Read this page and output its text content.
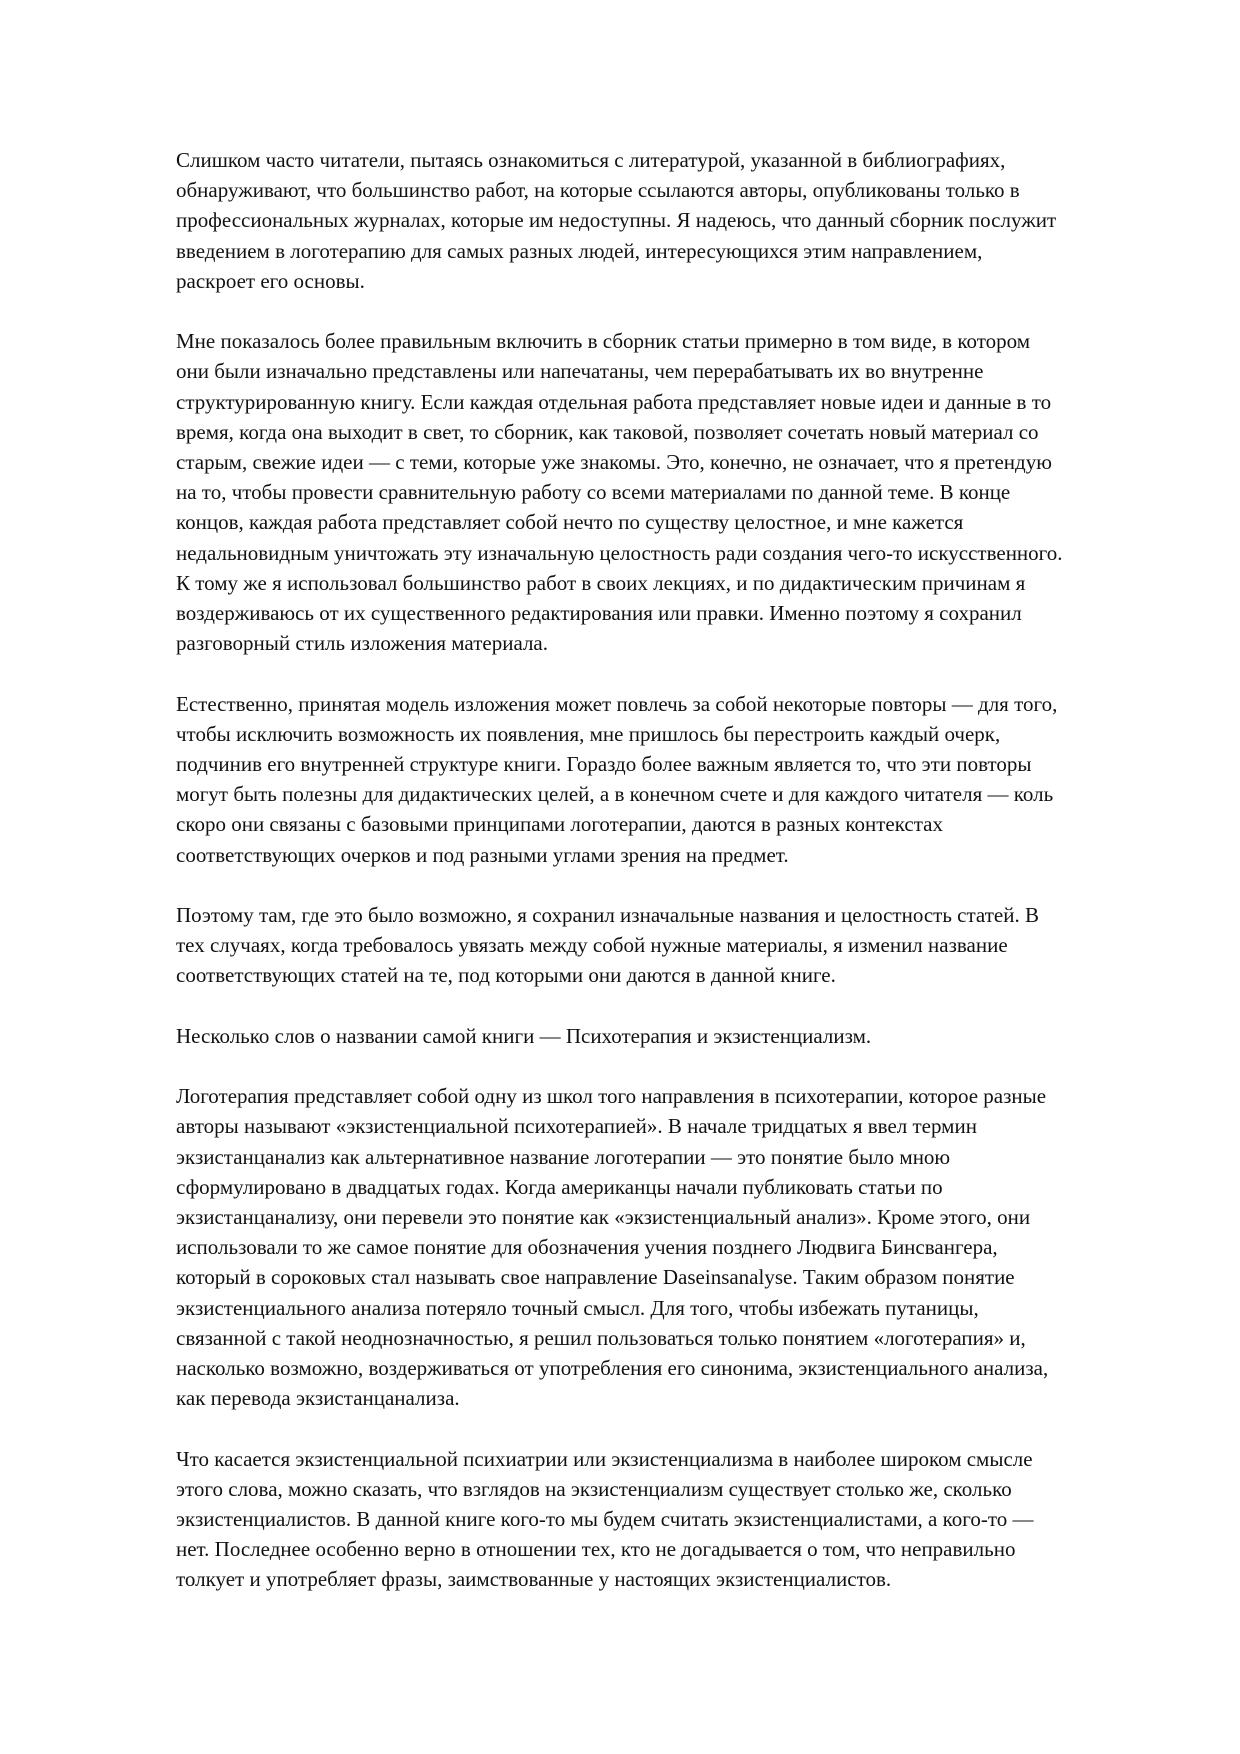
Слишком часто читатели, пытаясь ознакомиться с литературой, указанной в библиографиях,
обнаруживают, что большинство работ, на которые ссылаются авторы, опубликованы только в
профессиональных журналах, которые им недоступны. Я надеюсь, что данный сборник послужит
введением в логотерапию для самых разных людей, интересующихся этим направлением,
раскроет его основы.

Мне показалось более правильным включить в сборник статьи примерно в том виде, в котором
они были изначально представлены или напечатаны, чем перерабатывать их во внутренне
структурированную книгу. Если каждая отдельная работа представляет новые идеи и данные в то
время, когда она выходит в свет, то сборник, как таковой, позволяет сочетать новый материал со
старым, свежие идеи — с теми, которые уже знакомы. Это, конечно, не означает, что я претендую
на то, чтобы провести сравнительную работу со всеми материалами по данной теме. В конце
концов, каждая работа представляет собой нечто по существу целостное, и мне кажется
недальновидным уничтожать эту изначальную целостность ради создания чего-то искусственного.
К тому же я использовал большинство работ в своих лекциях, и по дидактическим причинам я
воздерживаюсь от их существенного редактирования или правки. Именно поэтому я сохранил
разговорный стиль изложения материала.

Естественно, принятая модель изложения может повлечь за собой некоторые повторы — для того,
чтобы исключить возможность их появления, мне пришлось бы перестроить каждый очерк,
подчинив его внутренней структуре книги. Гораздо более важным является то, что эти повторы
могут быть полезны для дидактических целей, а в конечном счете и для каждого читателя — коль
скоро они связаны с базовыми принципами логотерапии, даются в разных контекстах
соответствующих очерков и под разными углами зрения на предмет.

Поэтому там, где это было возможно, я сохранил изначальные названия и целостность статей. В
тех случаях, когда требовалось увязать между собой нужные материалы, я изменил название
соответствующих статей на те, под которыми они даются в данной книге.

Несколько слов о названии самой книги — Психотерапия и экзистенциализм.

Логотерапия представляет собой одну из школ того направления в психотерапии, которое разные
авторы называют «экзистенциальной психотерапией». В начале тридцатых я ввел термин
экзистанцанализ как альтернативное название логотерапии — это понятие было мною
сформулировано в двадцатых годах. Когда американцы начали публиковать статьи по
экзистанцанализу, они перевели это понятие как «экзистенциальный анализ». Кроме этого, они
использовали то же самое понятие для обозначения учения позднего Людвига Бинсвангера,
который в сороковых стал называть свое направление Daseinsanalyse. Таким образом понятие
экзистенциального анализа потеряло точный смысл. Для того, чтобы избежать путаницы,
связанной с такой неоднозначностью, я решил пользоваться только понятием «логотерапия» и,
насколько возможно, воздерживаться от употребления его синонима, экзистенциального анализа,
как перевода экзистанцанализа.

Что касается экзистенциальной психиатрии или экзистенциализма в наиболее широком смысле
этого слова, можно сказать, что взглядов на экзистенциализм существует столько же, сколько
экзистенциалистов. В данной книге кого-то мы будем считать экзистенциалистами, а кого-то —
нет. Последнее особенно верно в отношении тех, кто не догадывается о том, что неправильно
толкует и употребляет фразы, заимствованные у настоящих экзистенциалистов.
